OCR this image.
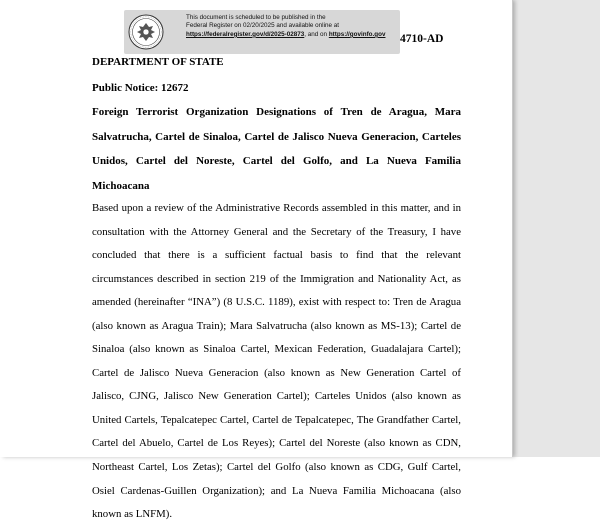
This document is scheduled to be published in the
Federal Register on 02/20/2025 and available online at
https://federalregister.gov/d/2025-02873, and on https://govinfo.gov	4710-AD
DEPARTMENT OF STATE
Public Notice: 12672
Foreign Terrorist Organization Designations of Tren de Aragua, Mara Salvatrucha, Cartel de Sinaloa, Cartel de Jalisco Nueva Generacion, Carteles Unidos, Cartel del Noreste, Cartel del Golfo, and La Nueva Familia Michoacana
Based upon a review of the Administrative Records assembled in this matter, and in consultation with the Attorney General and the Secretary of the Treasury, I have concluded that there is a sufficient factual basis to find that the relevant circumstances described in section 219 of the Immigration and Nationality Act, as amended (hereinafter “INA”) (8 U.S.C. 1189), exist with respect to: Tren de Aragua (also known as Aragua Train); Mara Salvatrucha (also known as MS-13); Cartel de Sinaloa (also known as Sinaloa Cartel, Mexican Federation, Guadalajara Cartel); Cartel de Jalisco Nueva Generacion (also known as New Generation Cartel of Jalisco, CJNG, Jalisco New Generation Cartel); Carteles Unidos (also known as United Cartels, Tepalcatepec Cartel, Cartel de Tepalcatepec, The Grandfather Cartel, Cartel del Abuelo, Cartel de Los Reyes); Cartel del Noreste (also known as CDN, Northeast Cartel, Los Zetas); Cartel del Golfo (also known as CDG, Gulf Cartel, Osiel Cardenas-Guillen Organization); and La Nueva Familia Michoacana (also known as LNFM).
